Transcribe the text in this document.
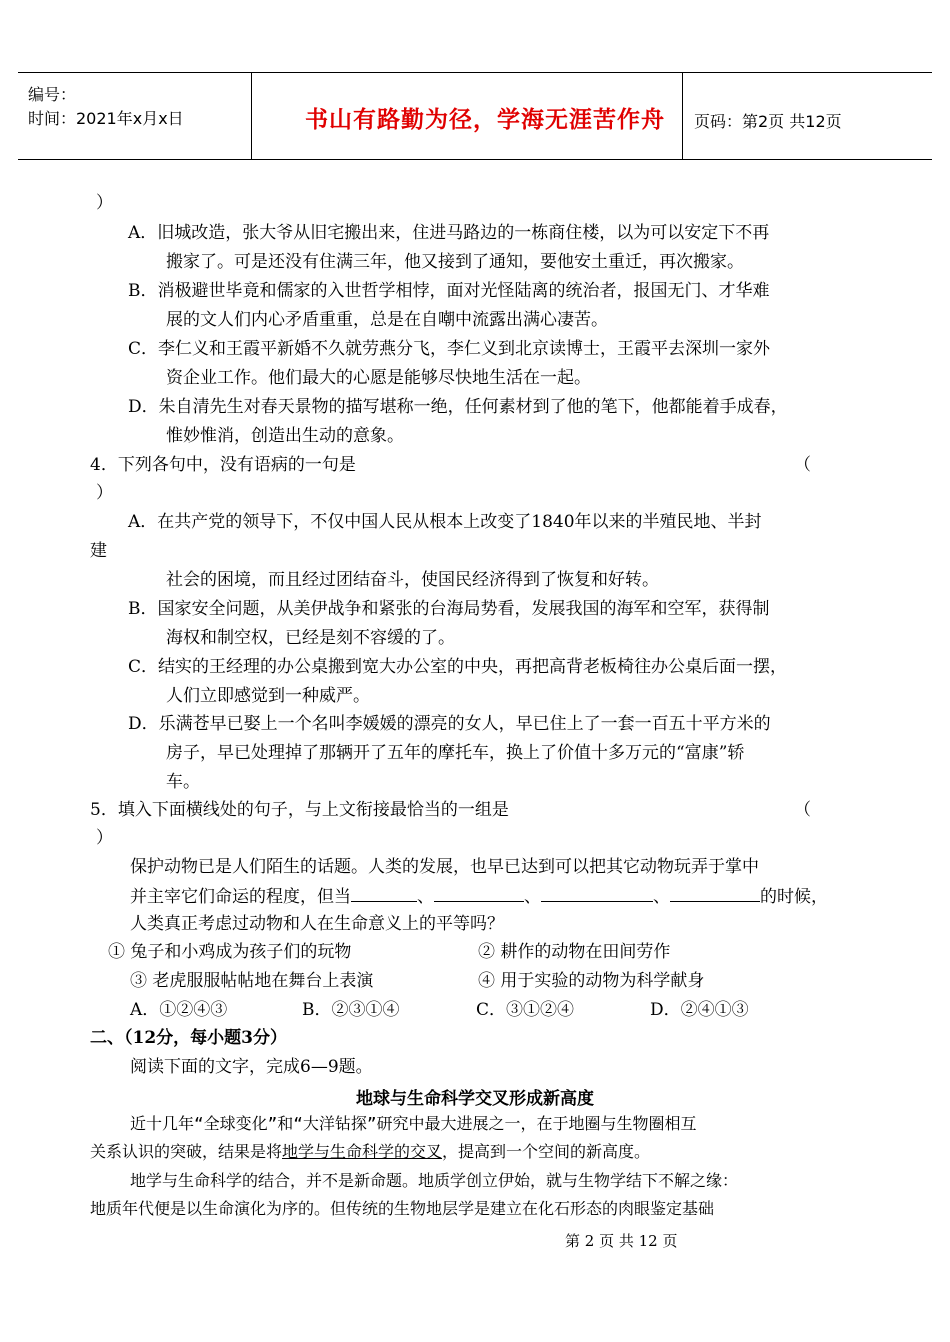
编号：
时间：2021年x月x日	书山有路勤为径，学海无涯苦作舟	页码：第2页 共12页
）
A．旧城改造，张大爷从旧宅搬出来，住进马路边的一栋商住楼，以为可以安定下不再
搬家了。可是还没有住满三年，他又接到了通知，要他安土重迁，再次搬家。
B．消极避世毕竟和儒家的入世哲学相悖，面对光怪陆离的统治者，报国无门、才华难
展的文人们内心矛盾重重，总是在自嘲中流露出满心凄苦。
C．李仁义和王霞平新婚不久就劳燕分飞，李仁义到北京读博士，王霞平去深圳一家外
资企业工作。他们最大的心愿是能够尽快地生活在一起。
D．朱自清先生对春天景物的描写堪称一绝，任何素材到了他的笔下，他都能着手成春，
惟妙惟消，创造出生动的意象。
4．下列各句中，没有语病的一句是	（
）
A．在共产党的领导下，不仅中国人民从根本上改变了1840年以来的半殖民地、半封
建
社会的困境，而且经过团结奋斗，使国民经济得到了恢复和好转。
B．国家安全问题，从美伊战争和紧张的台海局势看，发展我国的海军和空军，获得制
海权和制空权，已经是刻不容缓的了。
C．结实的王经理的办公桌搬到宽大办公室的中央，再把高背老板椅往办公桌后面一摆，
人们立即感觉到一种威严。
D．乐满苍早已娶上一个名叫李媛媛的漂亮的女人，早已住上了一套一百五十平方米的
房子，早已处理掉了那辆开了五年的摩托车，换上了价值十多万元的“富康”轿
车。
5．填入下面横线处的句子，与上文衔接最恰当的一组是	（
）
保护动物已是人们陌生的话题。人类的发展，也早已达到可以把其它动物玩弄于掌中
并主宰它们命运的程度，但当	、	、	、	的时候，
人类真正考虑过动物和人在生命意义上的平等吗？
① 兔子和小鸡成为孩子们的玩物	② 耕作的动物在田间劳作
③ 老虎服服帖帖地在舞台上表演	④ 用于实验的动物为科学献身
A．①②④③	B．②③①④	C．③①②④	D．②④①③
二、（12分，每小题3分）
阅读下面的文字，完成6—9题。
地球与生命科学交叉形成新高度
近十几年“全球变化”和“大洋钻探”研究中最大进展之一，在于地圈与生物圈相互
关系认识的突破，结果是将地学与生命科学的交叉，提高到一个空间的新高度。
地学与生命科学的结合，并不是新命题。地质学创立伊始，就与生物学结下不解之缘：
地质年代便是以生命演化为序的。但传统的生物地层学是建立在化石形态的肉眼鉴定基础
第 2 页 共 12 页
